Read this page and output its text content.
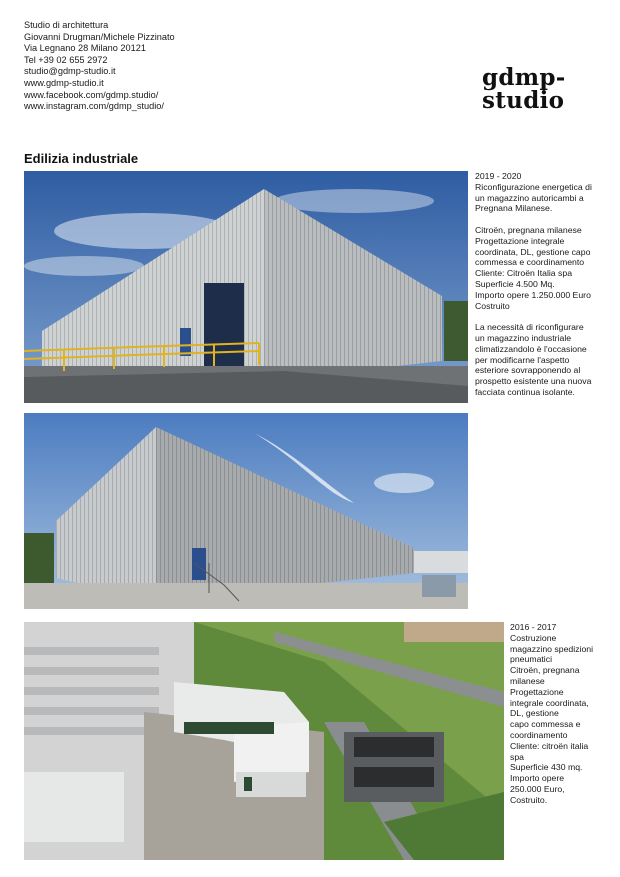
Studio di architettura
Giovanni Drugman/Michele Pizzinato
Via Legnano 28 Milano 20121
Tel +39 02 655 2972
studio@gdmp-studio.it
www.gdmp-studio.it
www.facebook.com/gdmp.studio/
www.instagram.com/gdmp_studio/
gdmp-
studio
Edilizia industriale
2019 - 2020
Riconfigurazione energetica di
un magazzino autoricambi a
Pregnana Milanese.
Citroën, pregnana milanese
Progettazione integrale
coordinata, DL, gestione capo
commessa e coordinamento
Cliente: Citroën Italia spa
Superficie 4.500 Mq.
Importo opere 1.250.000 Euro
Costruito
La necessità di riconfigurare
un magazzino industriale
climatizzandolo è l'occasione
per modificarne l'aspetto
esteriore sovrapponendo al
prospetto esistente una nuova
facciata continua isolante.
2016 - 2017
Costruzione
magazzino spedizioni
pneumatici
Citroën, pregnana
milanese
Progettazione
integrale coordinata,
DL, gestione
capo commessa e
coordinamento
Cliente: citroën italia
spa
Superficie 430 mq.
Importo opere
250.000 Euro,
Costruito.
